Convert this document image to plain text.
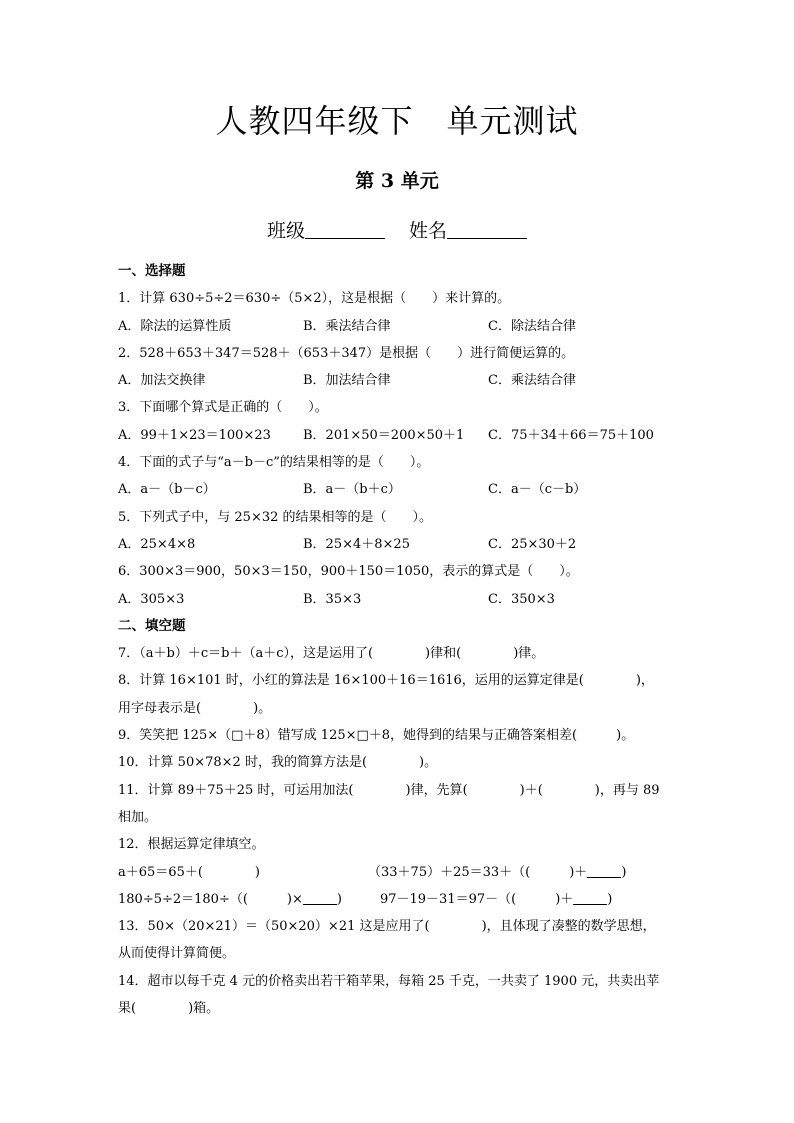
人教四年级下　单元测试
第 3 单元
班级	姓名
一、选择题
1．计算 630÷5÷2＝630÷（5×2），这是根据（　　）来计算的。
A．除法的运算性质	B．乘法结合律	C．除法结合律
2．528＋653＋347＝528＋（653＋347）是根据（　　）进行简便运算的。
A．加法交换律	B．加法结合律	C．乘法结合律
3．下面哪个算式是正确的（　　）。
A．99＋1×23＝100×23 B．201×50＝200×50＋1 C．75＋34＋66＝75＋100
4．下面的式子与“a－b－c”的结果相等的是（　　）。
A．a－（b－c）	B．a－（b＋c）	C．a－（c－b）
5．下列式子中，与 25×32 的结果相等的是（　　）。
A．25×4×8	B．25×4＋8×25	C．25×30＋2
6．300×3＝900，50×3＝150，900＋150＝1050，表示的算式是（　　）。
A．305×3	B．35×3	C．350×3
二、填空题
7．（a＋b）＋c＝b＋（a＋c），这是运用了(　　　　)律和(　　　　)律。
8．计算 16×101 时，小红的算法是 16×100＋16＝1616，运用的运算定律是(　　　　)，
用字母表示是(　　　　)。
9．笑笑把 125×（□＋8）错写成 125×□＋8，她得到的结果与正确答案相差(　　　)。
10．计算 50×78×2 时，我的简算方法是(　　　　)。
11．计算 89＋75＋25 时，可运用加法(　　　　)律，先算(　　　　)＋(　　　　)，再与 89
相加。
12．根据运算定律填空。
a＋65＝65＋(　　　　)	（33＋75）＋25＝33＋（(　　　)＋	)
180÷5÷2＝180÷（(　　　)×	)	97－19－31＝97－（(　　　)＋	)
13．50×（20×21）＝（50×20）×21 这是应用了(　　　　)，且体现了凑整的数学思想，
从而使得计算简便。
14．超市以每千克 4 元的价格卖出若干箱苹果，每箱 25 千克，一共卖了 1900 元，共卖出苹
果(　　　　)箱。
